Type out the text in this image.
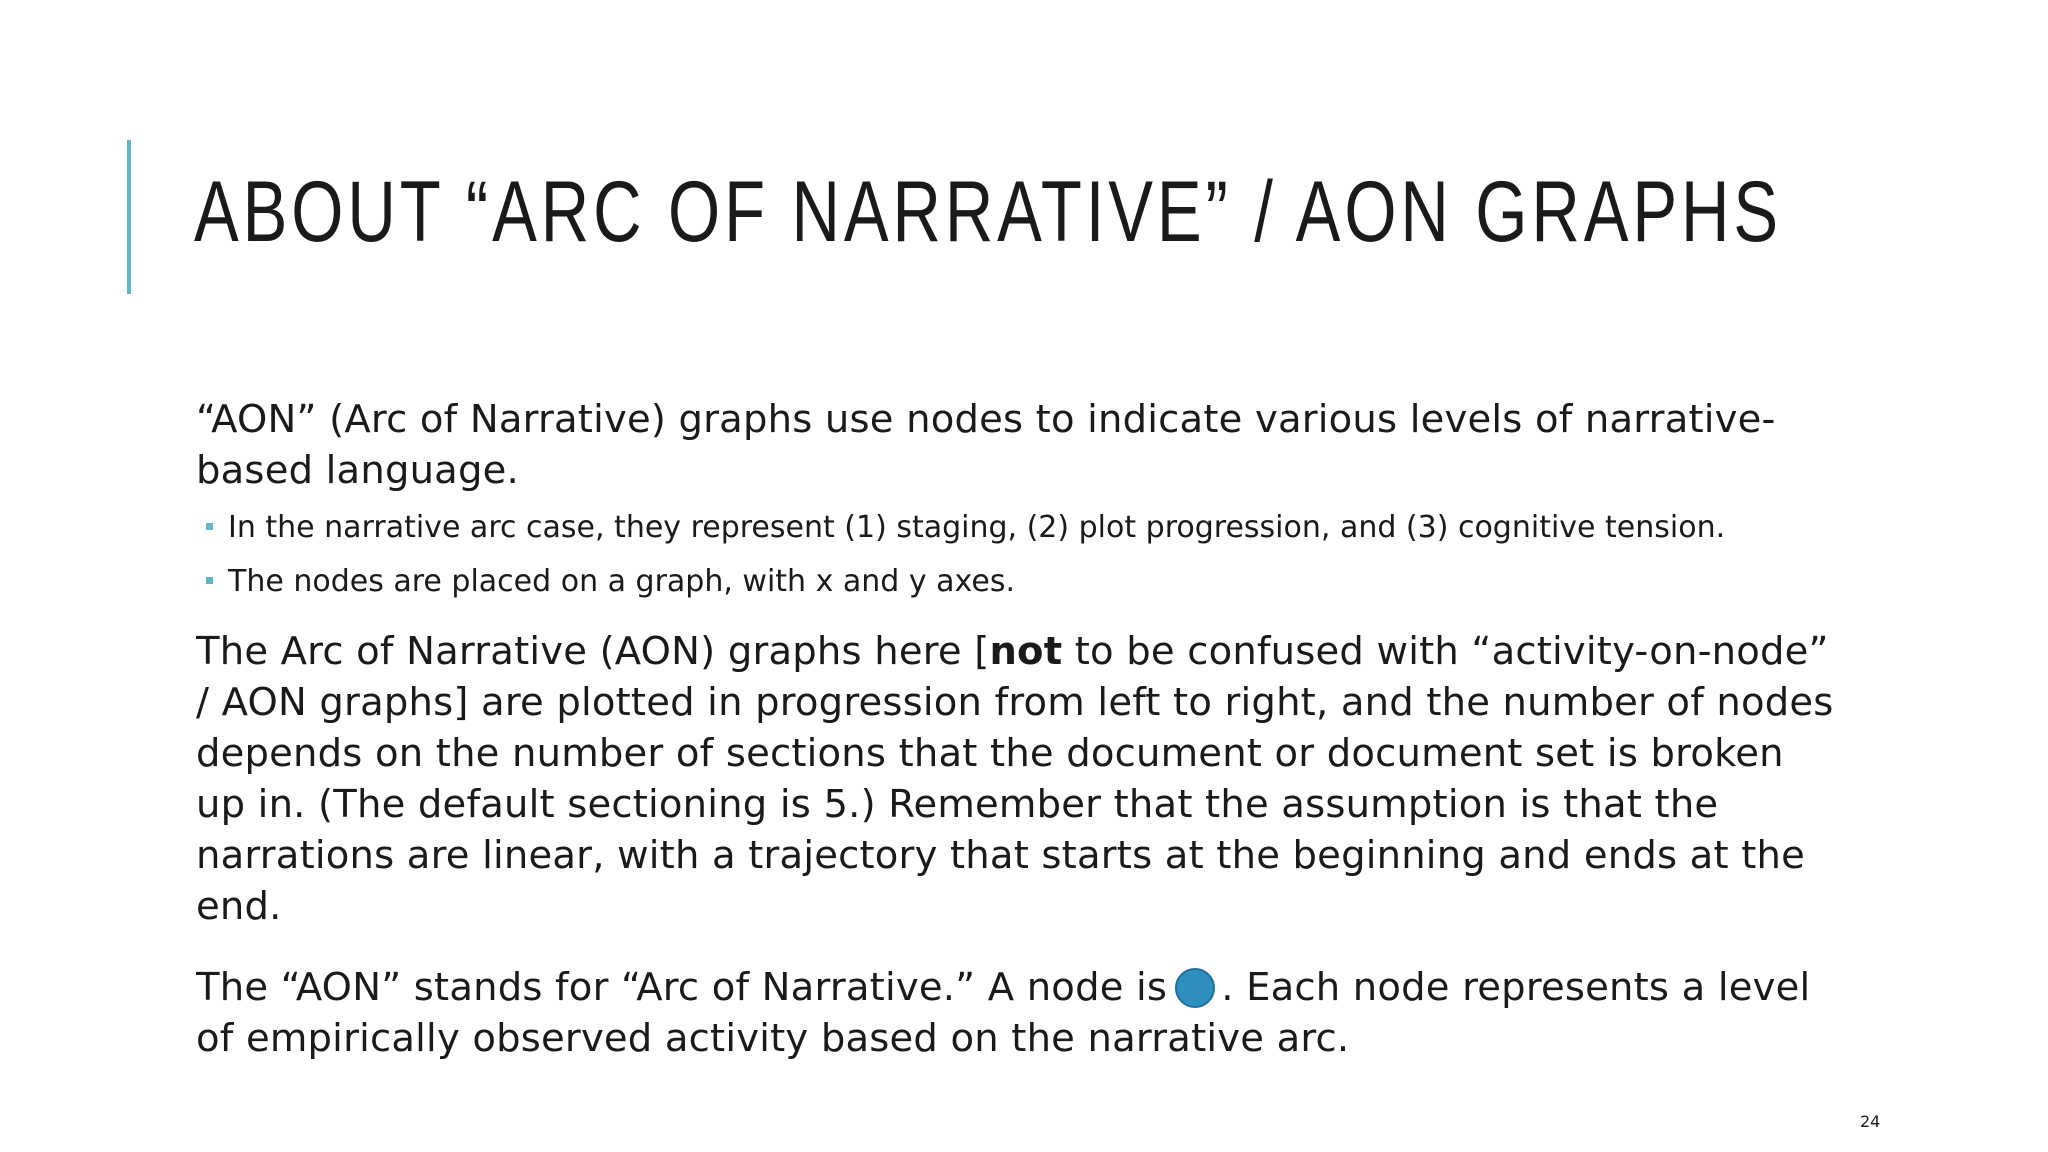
ABOUT “ARC OF NARRATIVE” / AON GRAPHS

“AON” (Arc of Narrative) graphs use nodes to indicate various levels of narrative-based language.

In the narrative arc case, they represent (1) staging, (2) plot progression, and (3) cognitive tension.
The nodes are placed on a graph, with x and y axes.

The Arc of Narrative (AON) graphs here [not to be confused with “activity-on-node” / AON graphs] are plotted in progression from left to right, and the number of nodes depends on the number of sections that the document or document set is broken up in. (The default sectioning is 5.) Remember that the assumption is that the narrations are linear, with a trajectory that starts at the beginning and ends at the end.

The “AON” stands for “Arc of Narrative.” A node is . Each node represents a level of empirically observed activity based on the narrative arc.

24
